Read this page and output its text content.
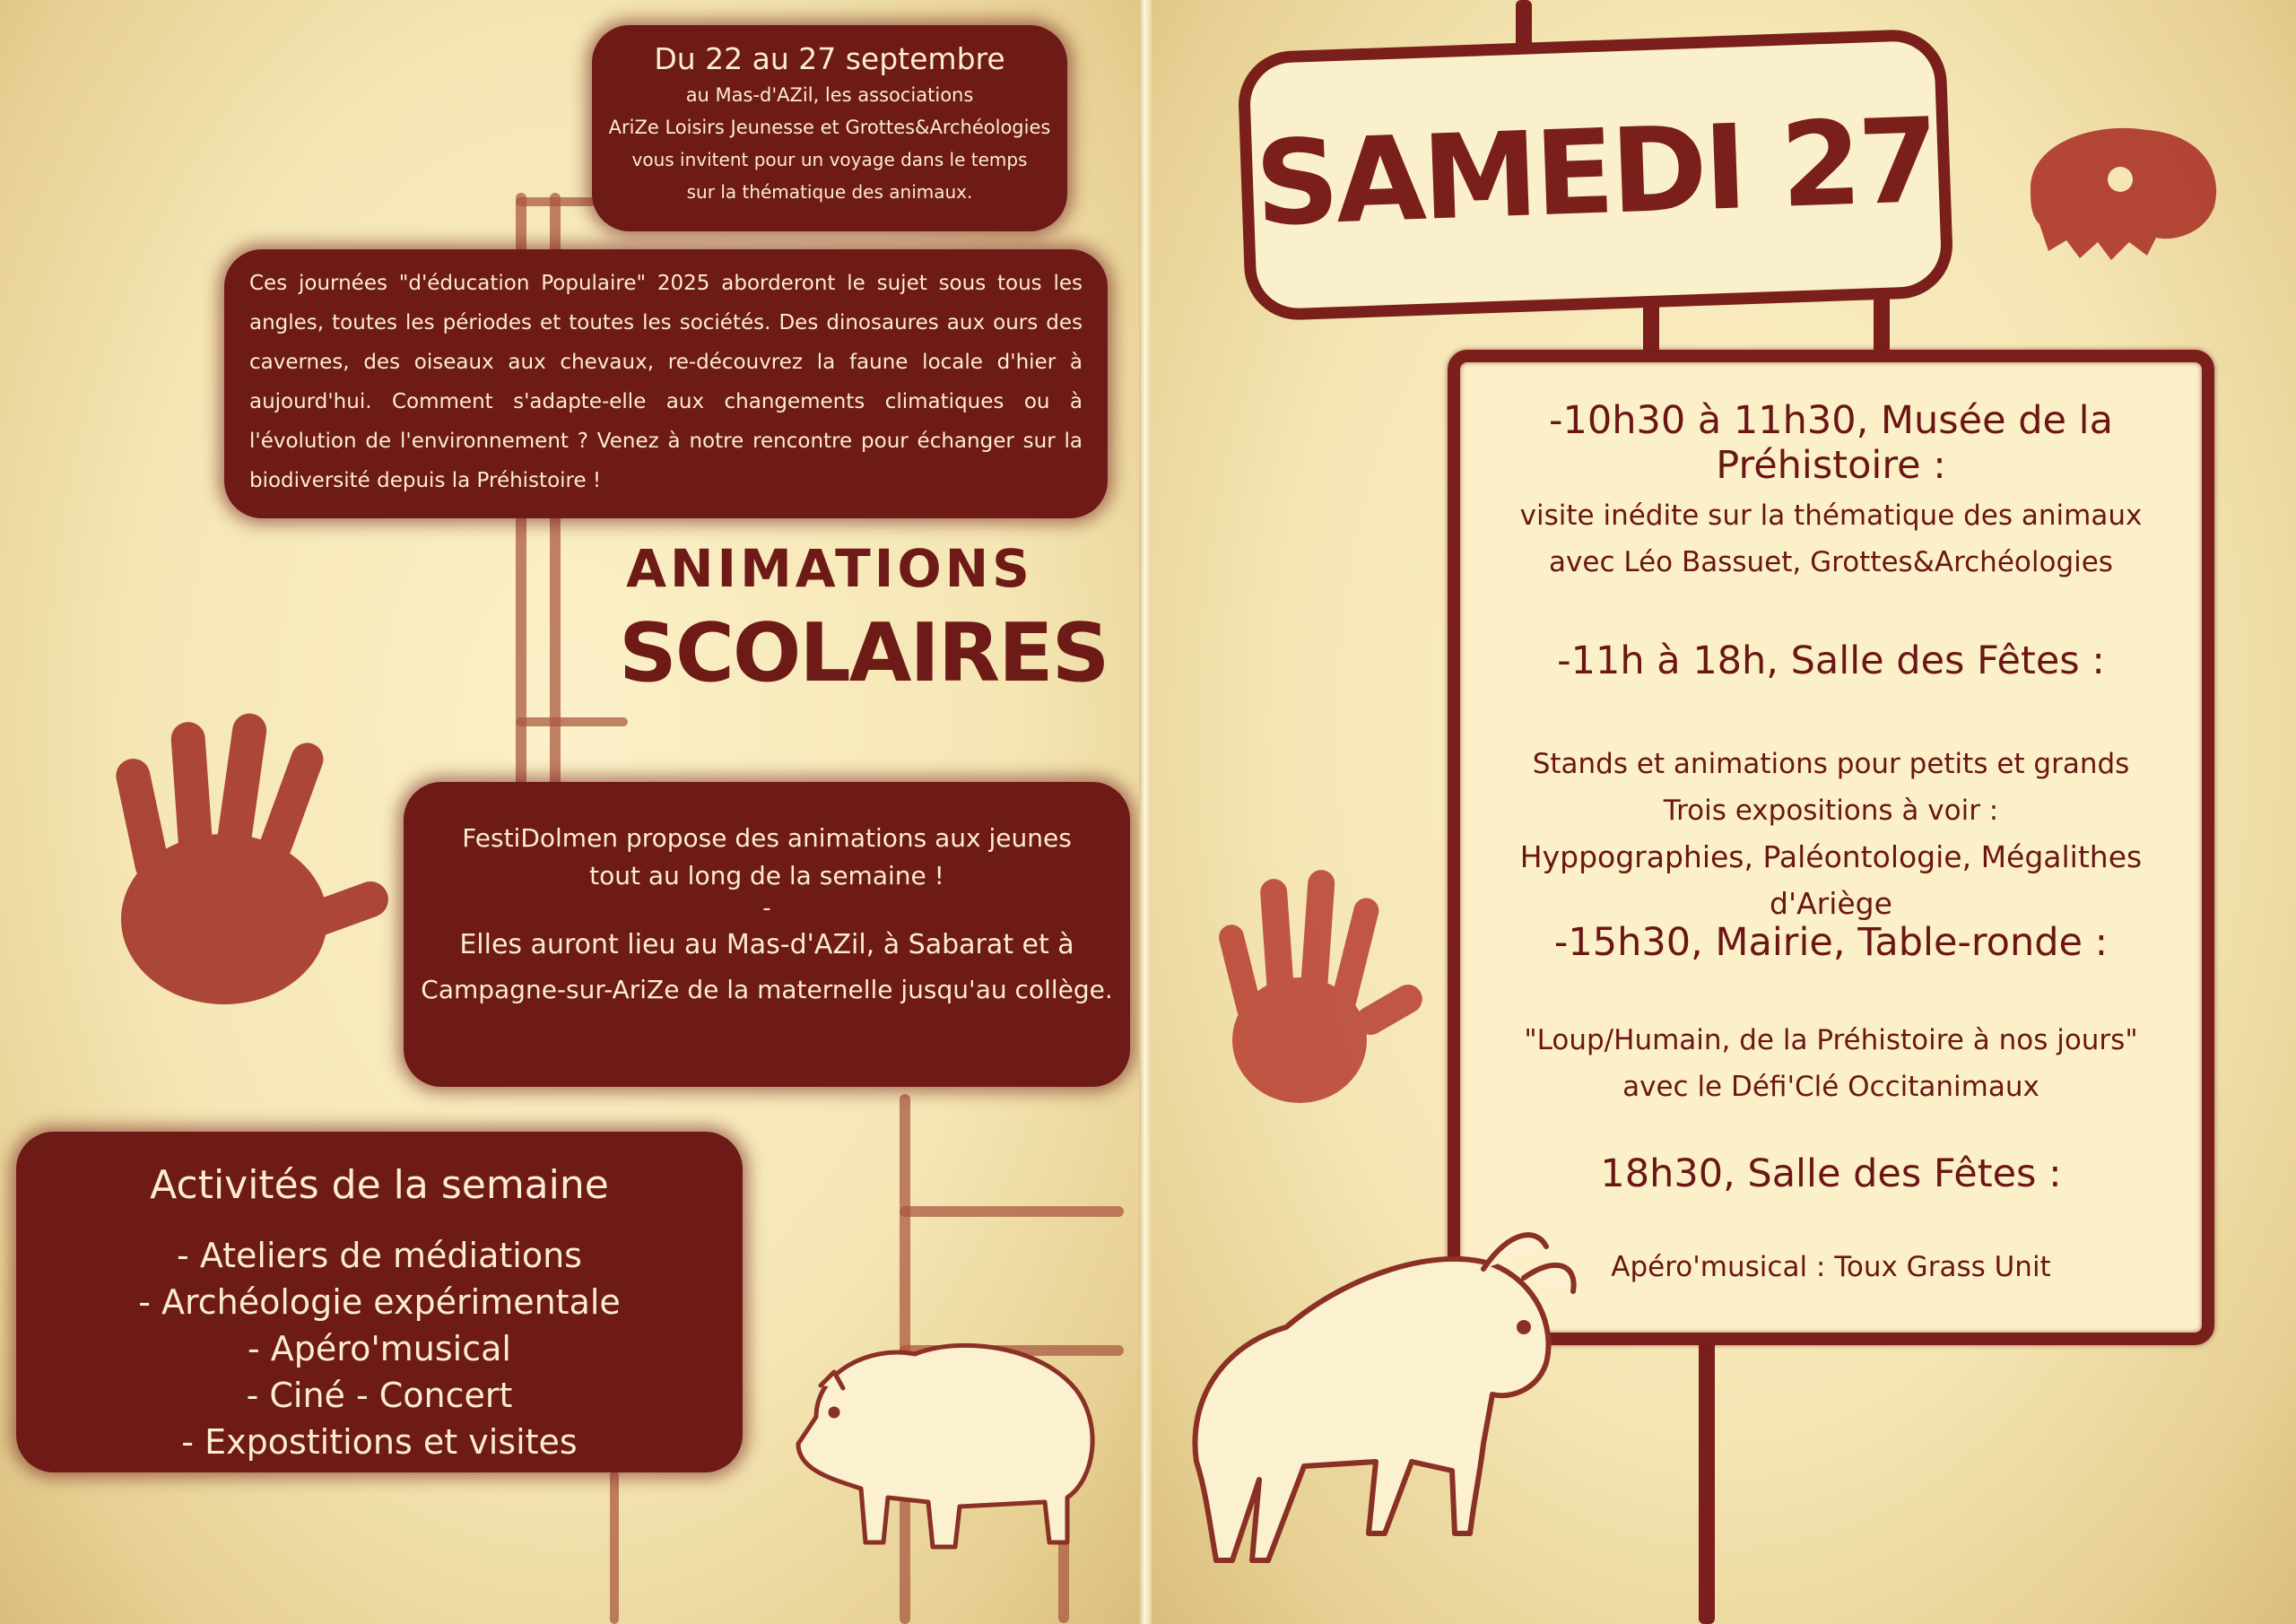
Du 22 au 27 septembre
au Mas-d'AZil, les associations
AriZe Loisirs Jeunesse et Grottes&Archéologies
vous invitent pour un voyage dans le temps
sur la thématique des animaux.
Ces journées "d'éducation Populaire" 2025 aborderont le sujet sous tous les angles, toutes les périodes et toutes les sociétés. Des dinosaures aux ours des cavernes, des oiseaux aux chevaux, re-découvrez la faune locale d'hier à aujourd'hui. Comment s'adapte-elle aux changements climatiques ou à l'évolution de l'environnement ? Venez à notre rencontre pour échanger sur la biodiversité depuis la Préhistoire !
ANIMATIONS
SCOLAIRES
FestiDolmen propose des animations aux jeunes
tout au long de la semaine !
-
Elles auront lieu au Mas-d'AZil, à Sabarat et à
Campagne-sur-AriZe de la maternelle jusqu'au collège.
Activités de la semaine
- Ateliers de médiations
- Archéologie expérimentale
- Apéro'musical
- Ciné - Concert
- Expostitions et visites
SAMEDI 27
-10h30 à 11h30, Musée de la Préhistoire :
visite inédite sur la thématique des animaux
avec Léo Bassuet, Grottes&Archéologies
-11h à 18h, Salle des Fêtes :
Stands et animations pour petits et grands
Trois expositions à voir :
Hyppographies, Paléontologie, Mégalithes d'Ariège
-15h30, Mairie, Table-ronde :
"Loup/Humain, de la Préhistoire à nos jours"
avec le Défi'Clé Occitanimaux
18h30, Salle des Fêtes :
Apéro'musical : Toux Grass Unit
